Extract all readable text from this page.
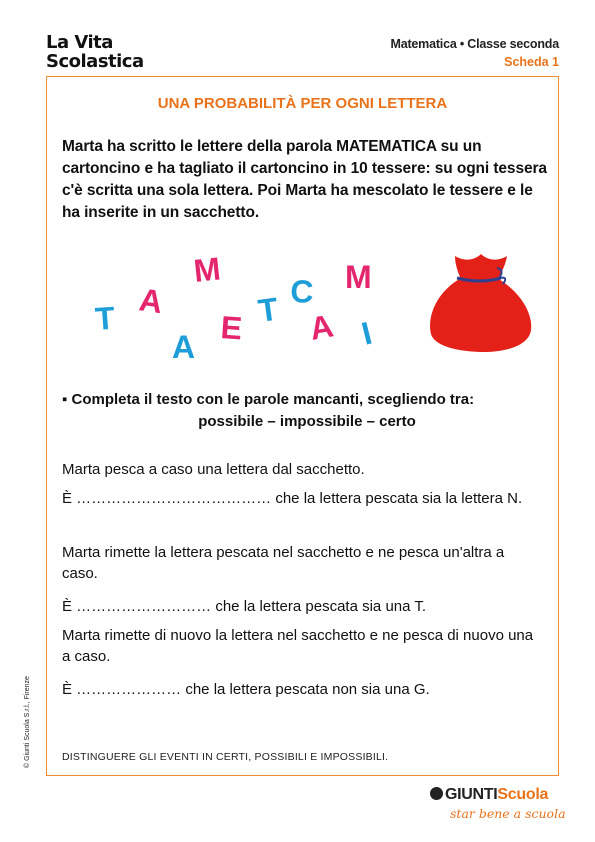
La Vita
Scolastica
Matematica • Classe seconda
Scheda 1
UNA PROBABILITÀ PER OGNI LETTERA
Marta ha scritto le lettere della parola MATEMATICA su un cartoncino e ha tagliato il cartoncino in 10 tessere: su ogni tessera c'è scritta una sola lettera. Poi Marta ha mescolato le tessere e le ha inserite in un sacchetto.
T A
M
A
E T C M
A I
▪ Completa il testo con le parole mancanti, scegliendo tra:
possibile – impossibile – certo
Marta pesca a caso una lettera dal sacchetto.
È ………………………………… che la lettera pescata sia la lettera N.
Marta rimette la lettera pescata nel sacchetto e ne pesca un'altra a caso.
È ……………………… che la lettera pescata sia una T.
Marta rimette di nuovo la lettera nel sacchetto e ne pesca di nuovo una a caso.
È ………………… che la lettera pescata non sia una G.
DISTINGUERE GLI EVENTI IN CERTI, POSSIBILI E IMPOSSIBILI.
© Giunti Scuola S.r.l., Firenze
GIUNTIScuola
star bene a scuola
